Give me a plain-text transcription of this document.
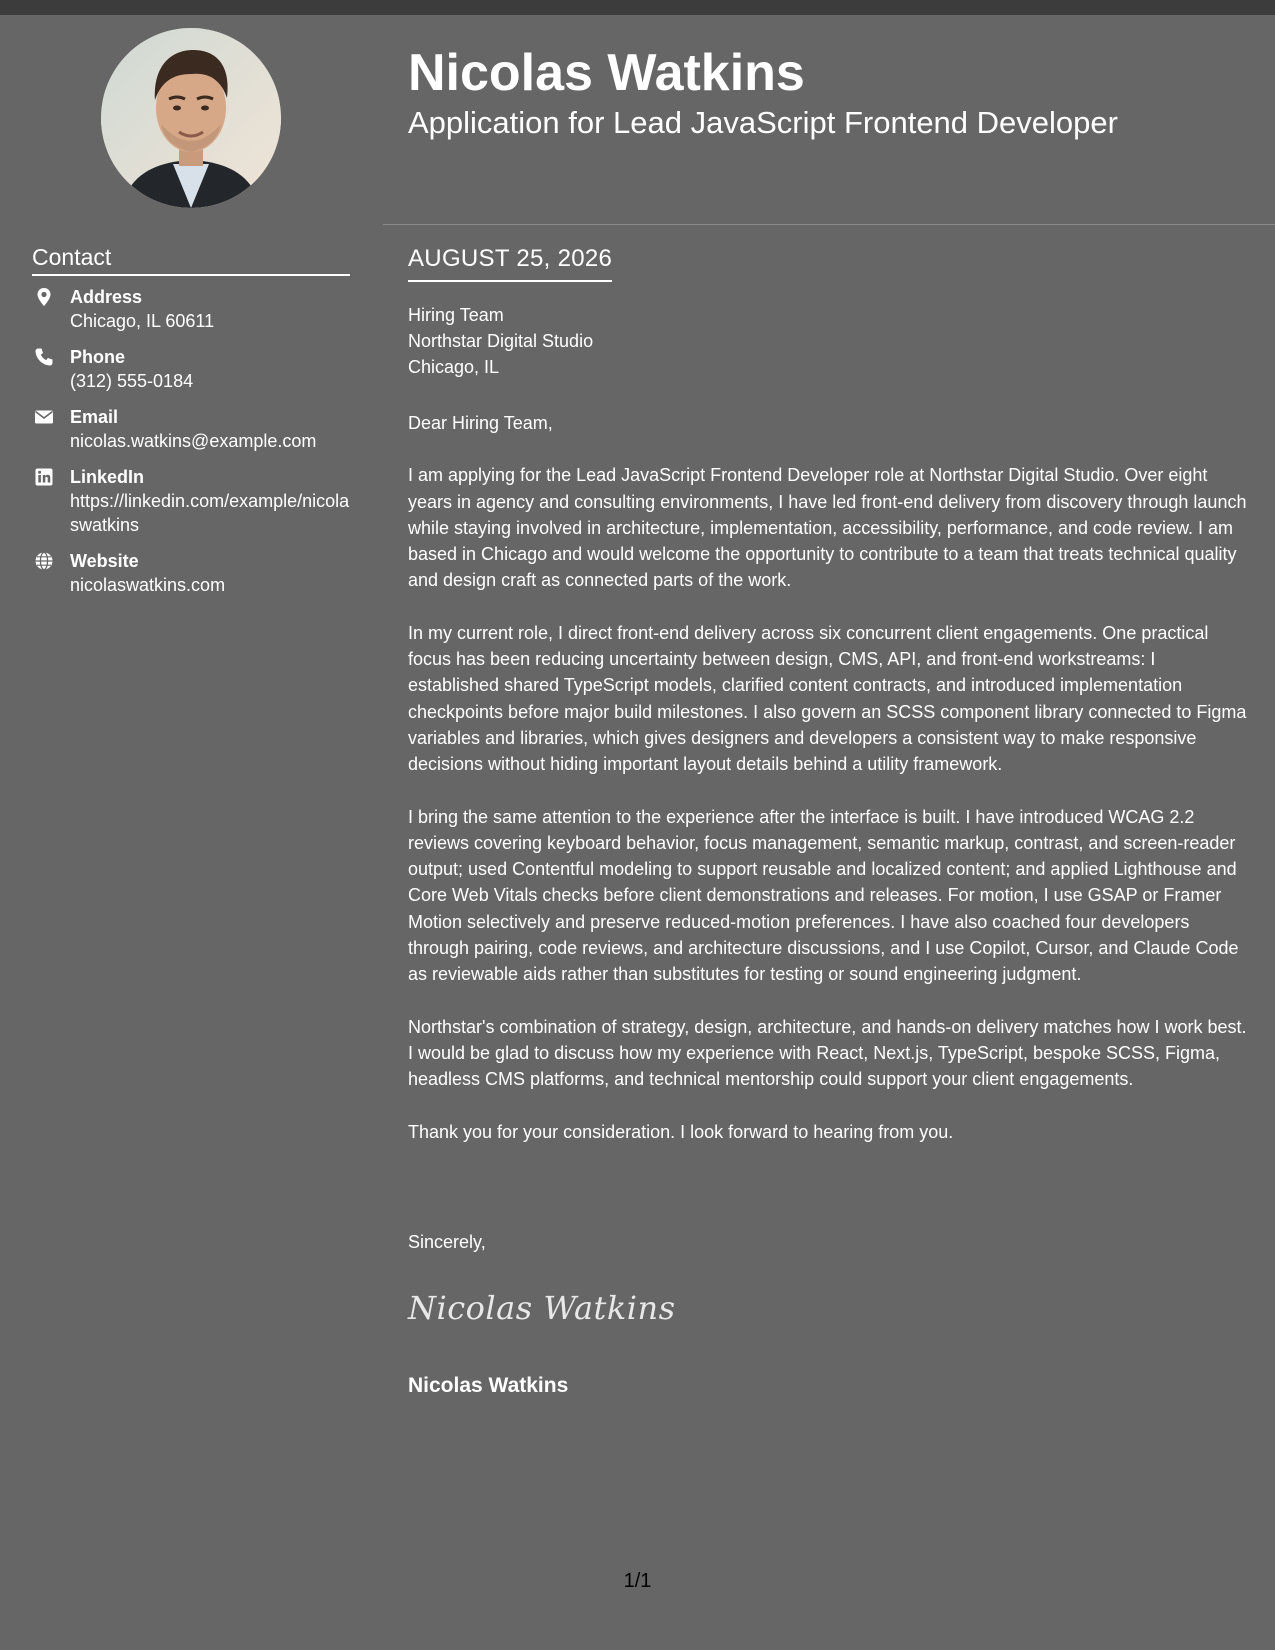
Contact
Address
Chicago, IL 60611
Phone
(312) 555-0184
Email
nicolas.watkins@example.com
LinkedIn
https://linkedin.com/example/nicolaswatkins
Website
nicolaswatkins.com
Nicolas Watkins
Application for Lead JavaScript Frontend Developer
AUGUST 25, 2026
Hiring Team
Northstar Digital Studio
Chicago, IL

Dear Hiring Team,

I am applying for the Lead JavaScript Frontend Developer role at Northstar Digital Studio. Over eight years in agency and consulting environments, I have led front-end delivery from discovery through launch while staying involved in architecture, implementation, accessibility, performance, and code review. I am based in Chicago and would welcome the opportunity to contribute to a team that treats technical quality and design craft as connected parts of the work.

In my current role, I direct front-end delivery across six concurrent client engagements. One practical focus has been reducing uncertainty between design, CMS, API, and front-end workstreams: I established shared TypeScript models, clarified content contracts, and introduced implementation checkpoints before major build milestones. I also govern an SCSS component library connected to Figma variables and libraries, which gives designers and developers a consistent way to make responsive decisions without hiding important layout details behind a utility framework.

I bring the same attention to the experience after the interface is built. I have introduced WCAG 2.2 reviews covering keyboard behavior, focus management, semantic markup, contrast, and screen-reader output; used Contentful modeling to support reusable and localized content; and applied Lighthouse and Core Web Vitals checks before client demonstrations and releases. For motion, I use GSAP or Framer Motion selectively and preserve reduced-motion preferences. I have also coached four developers through pairing, code reviews, and architecture discussions, and I use Copilot, Cursor, and Claude Code as reviewable aids rather than substitutes for testing or sound engineering judgment.

Northstar's combination of strategy, design, architecture, and hands-on delivery matches how I work best. I would be glad to discuss how my experience with React, Next.js, TypeScript, bespoke SCSS, Figma, headless CMS platforms, and technical mentorship could support your client engagements.

Thank you for your consideration. I look forward to hearing from you.

Sincerely,
Nicolas Watkins
Nicolas Watkins
1/1
